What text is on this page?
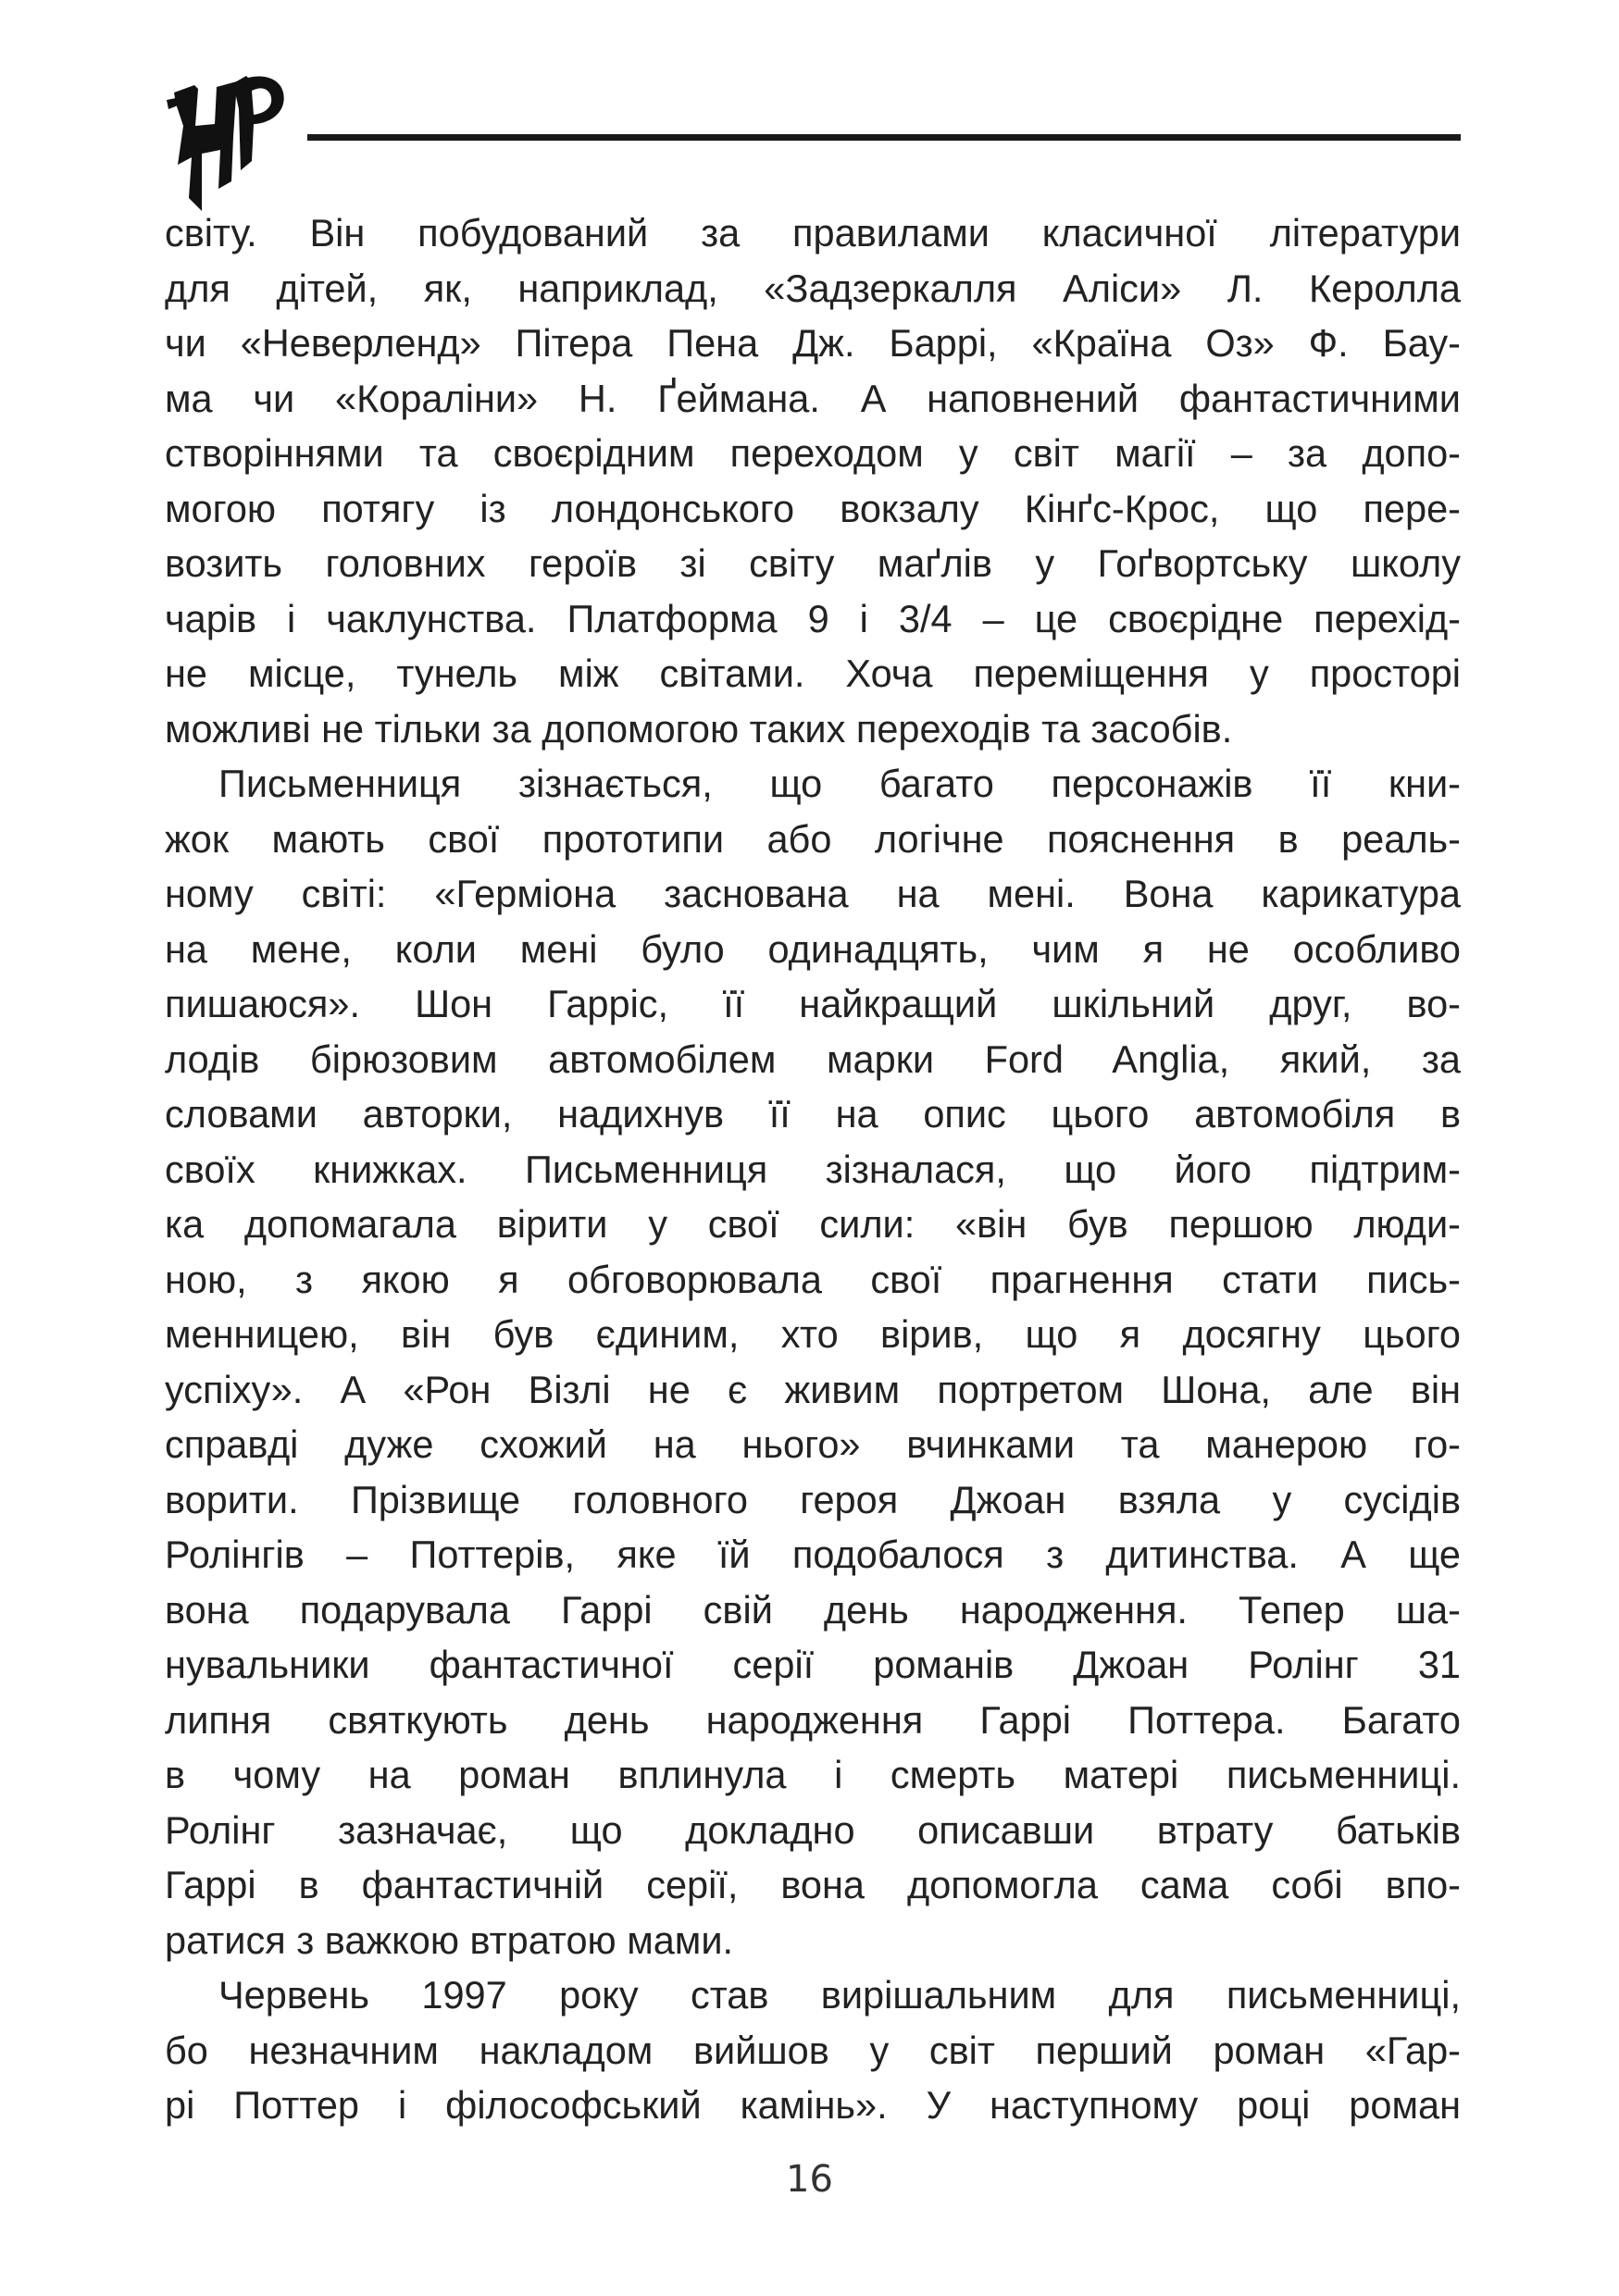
світу. Він побудований за правилами класичної літератури
для дітей, як, наприклад, «Задзеркалля Аліси» Л. Керолла
чи «Неверленд» Пітера Пена Дж. Баррі, «Країна Оз» Ф. Бау-
ма чи «Кораліни» Н. Ґеймана. А наповнений фантастичними
створіннями та своєрідним переходом у світ магії – за допо-
могою потягу із лондонського вокзалу Кінґс-Крос, що пере-
возить головних героїв зі світу маґлів у Гоґвортську школу
чарів і чаклунства. Платформа 9 і 3/4 – це своєрідне перехід-
не місце, тунель між світами. Хоча переміщення у просторі
можливі не тільки за допомогою таких переходів та засобів.
Письменниця зізнається, що багато персонажів її кни-
жок мають свої прототипи або логічне пояснення в реаль-
ному світі: «Герміона заснована на мені. Вона карикатура
на мене, коли мені було одинадцять, чим я не особливо
пишаюся». Шон Гарріс, її найкращий шкільний друг, во-
лодів бірюзовим автомобілем марки Ford Anglia, який, за
словами авторки, надихнув її на опис цього автомобіля в
своїх книжках. Письменниця зізналася, що його підтрим-
ка допомагала вірити у свої сили: «він був першою люди-
ною, з якою я обговорювала свої прагнення стати пись-
менницею, він був єдиним, хто вірив, що я досягну цього
успіху». А «Рон Візлі не є живим портретом Шона, але він
справді дуже схожий на нього» вчинками та манерою го-
ворити. Прізвище головного героя Джоан взяла у сусідів
Ролінгів – Поттерів, яке їй подобалося з дитинства. А ще
вона подарувала Гаррі свій день народження. Тепер ша-
нувальники фантастичної серії романів Джоан Ролінг 31
липня святкують день народження Гаррі Поттера. Багато
в чому на роман вплинула і смерть матері письменниці.
Ролінг зазначає, що докладно описавши втрату батьків
Гаррі в фантастичній серії, вона допомогла сама собі впо-
ратися з важкою втратою мами.
Червень 1997 року став вирішальним для письменниці,
бо незначним накладом вийшов у світ перший роман «Гар-
рі Поттер і філософський камінь». У наступному році роман
16
